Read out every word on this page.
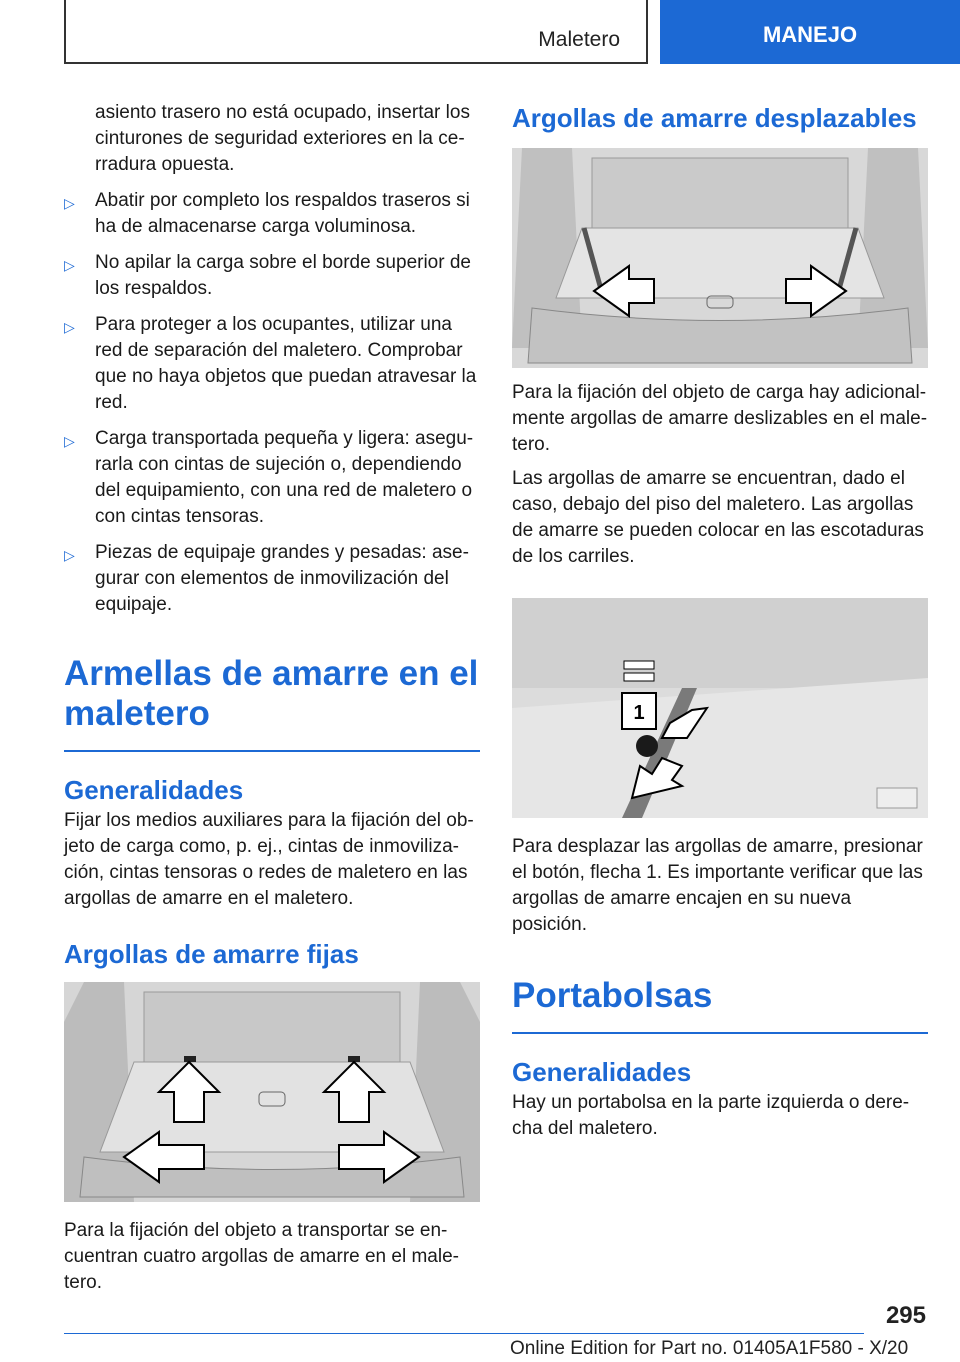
Maletero	MANEJO

asiento trasero no está ocupado, insertar los cinturones de seguridad exteriores en la ce‐rradura opuesta.

▷ Abatir por completo los respaldos traseros si ha de almacenarse carga voluminosa.
▷ No apilar la carga sobre el borde superior de los respaldos.
▷ Para proteger a los ocupantes, utilizar una red de separación del maletero. Comprobar que no haya objetos que puedan atravesar la red.
▷ Carga transportada pequeña y ligera: asegu‐rarla con cintas de sujeción o, dependiendo del equipamiento, con una red de maletero o con cintas tensoras.
▷ Piezas de equipaje grandes y pesadas: ase‐gurar con elementos de inmovilización del equipaje.
Armellas de amarre en el maletero
Generalidades

Fijar los medios auxiliares para la fijación del ob‐jeto de carga como, p. ej., cintas de inmoviliza‐ción, cintas tensoras o redes de maletero en las argollas de amarre en el maletero.

Argollas de amarre fijas

Para la fijación del objeto a transportar se en‐cuentran cuatro argollas de amarre en el male‐tero.

Argollas de amarre desplazables

Para la fijación del objeto de carga hay adicional‐mente argollas de amarre deslizables en el male‐tero.

Las argollas de amarre se encuentran, dado el caso, debajo del piso del maletero. Las argollas de amarre se pueden colocar en las escotaduras de los carriles.

1

Para desplazar las argollas de amarre, presionar el botón, flecha 1. Es importante verificar que las argollas de amarre encajen en su nueva posición.

Portabolsas
Generalidades

Hay un portabolsa en la parte izquierda o dere‐cha del maletero.

295
Online Edition for Part no. 01405A1F580 - X/20
